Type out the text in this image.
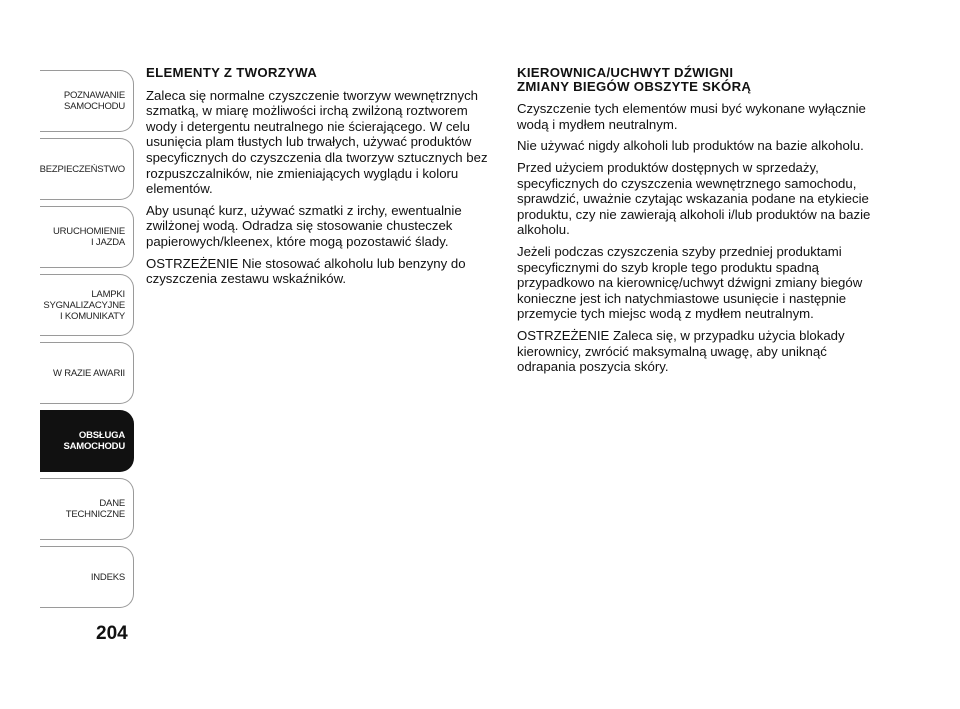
POZNAWANIE
SAMOCHODU
BEZPIECZEŃSTWO
URUCHOMIENIE
I JAZDA
LAMPKI
SYGNALIZACYJNE
I KOMUNIKATY
W RAZIE AWARII
OBSŁUGA
SAMOCHODU
DANE
TECHNICZNE
INDEKS
204
ELEMENTY Z TWORZYWA

Zaleca się normalne czyszczenie tworzyw wewnętrznych szmatką, w miarę możliwości irchą zwilżoną roztworem wody i detergentu neutralnego nie ścierającego. W celu usunięcia plam tłustych lub trwałych, używać produktów specyficznych do czyszczenia dla tworzyw sztucznych bez rozpuszczalników, nie zmieniających wyglądu i koloru elementów.

Aby usunąć kurz, używać szmatki z irchy, ewentualnie zwilżonej wodą. Odradza się stosowanie chusteczek papierowych/kleenex, które mogą pozostawić ślady.

OSTRZEŻENIE Nie stosować alkoholu lub benzyny do czyszczenia zestawu wskaźników.

KIEROWNICA/UCHWYT DŹWIGNI
ZMIANY BIEGÓW OBSZYTE SKÓRĄ

Czyszczenie tych elementów musi być wykonane wyłącznie wodą i mydłem neutralnym.

Nie używać nigdy alkoholi lub produktów na bazie alkoholu.

Przed użyciem produktów dostępnych w sprzedaży, specyficznych do czyszczenia wewnętrznego samochodu, sprawdzić, uważnie czytając wskazania podane na etykiecie produktu, czy nie zawierają alkoholi i/lub produktów na bazie alkoholu.

Jeżeli podczas czyszczenia szyby przedniej produktami specyficznymi do szyb krople tego produktu spadną przypadkowo na kierownicę/uchwyt dźwigni zmiany biegów konieczne jest ich natychmiastowe usunięcie i następnie przemycie tych miejsc wodą z mydłem neutralnym.

OSTRZEŻENIE Zaleca się, w przypadku użycia blokady kierownicy, zwrócić maksymalną uwagę, aby uniknąć odrapania poszycia skóry.
